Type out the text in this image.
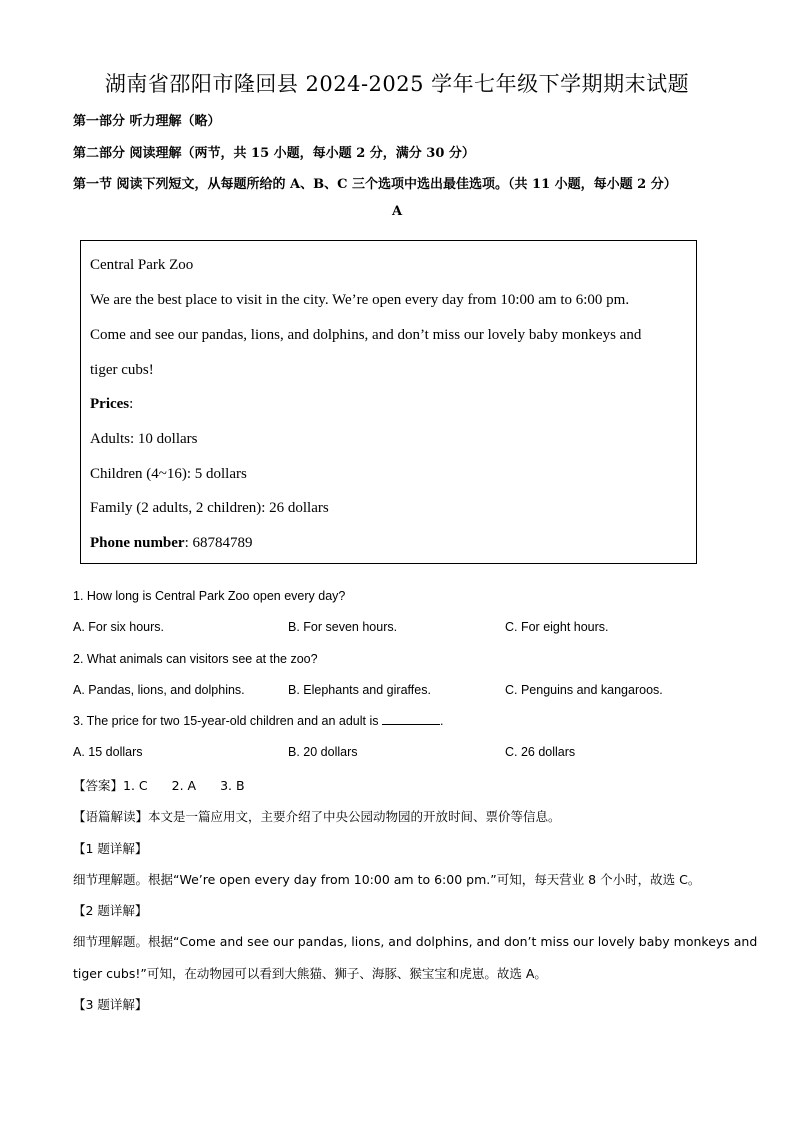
湖南省邵阳市隆回县 2024-2025 学年七年级下学期期末试题
第一部分 听力理解（略）
第二部分 阅读理解（两节，共 15 小题，每小题 2 分，满分 30 分）
第一节 阅读下列短文，从每题所给的 A、B、C 三个选项中选出最佳选项。（共 11 小题，每小题 2 分）
A

Central Park Zoo

We are the best place to visit in the city. We’re open every day from 10:00 am to 6:00 pm.

Come and see our pandas, lions, and dolphins, and don’t miss our lovely baby monkeys and

tiger cubs!

Prices:

Adults: 10 dollars

Children (4~16): 5 dollars

Family (2 adults, 2 children): 26 dollars

Phone number: 68784789

1. How long is Central Park Zoo open every day?
A. For six hours.	B. For seven hours.	C. For eight hours.
2. What animals can visitors see at the zoo?
A. Pandas, lions, and dolphins.	B. Elephants and giraffes.	C. Penguins and kangaroos.
3. The price for two 15-year-old children and an adult is	.
A. 15 dollars	B. 20 dollars	C. 26 dollars
【答案】1. C 2. A 3. B
【语篇解读】本文是一篇应用文，主要介绍了中央公园动物园的开放时间、票价等信息。
【1 题详解】
细节理解题。根据“We’re open every day from 10:00 am to 6:00 pm.”可知，每天营业 8 个小时，故选 C。
【2 题详解】
细节理解题。根据“Come and see our pandas, lions, and dolphins, and don’t miss our lovely baby monkeys and
tiger cubs!”可知，在动物园可以看到大熊猫、狮子、海豚、猴宝宝和虎崽。故选 A。
【3 题详解】
